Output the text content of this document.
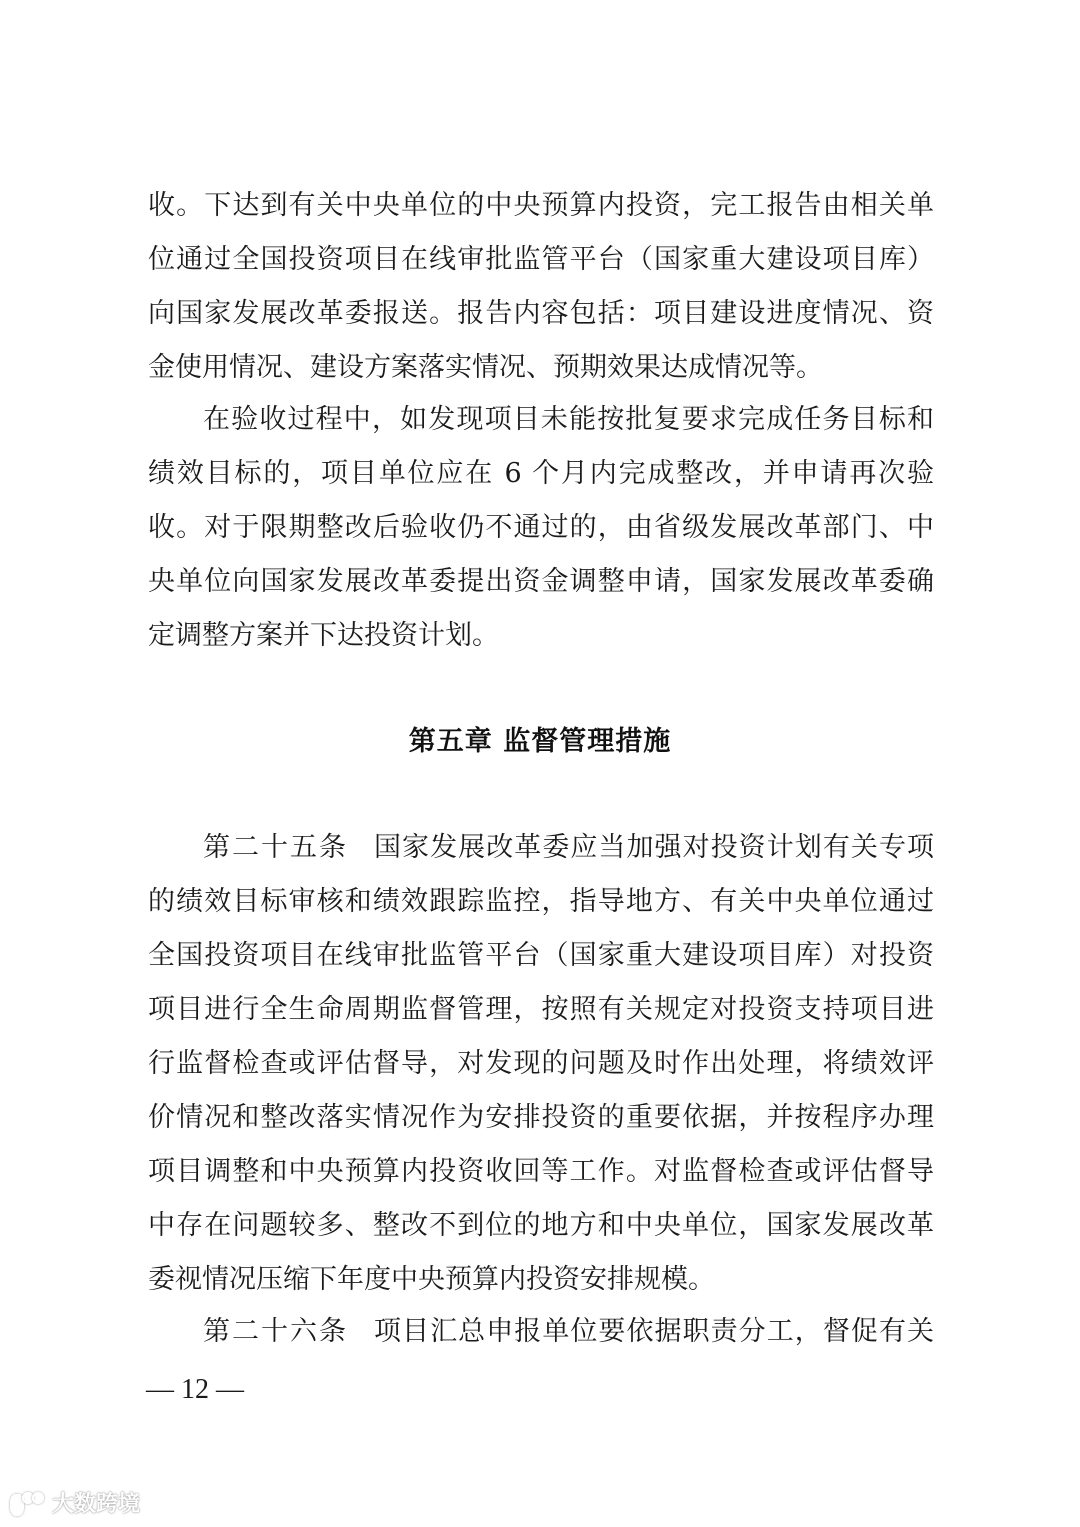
收。下达到有关中央单位的中央预算内投资，完工报告由相关单
位通过全国投资项目在线审批监管平台（国家重大建设项目库）
向国家发展改革委报送。报告内容包括：项目建设进度情况、资
金使用情况、建设方案落实情况、预期效果达成情况等。
在验收过程中，如发现项目未能按批复要求完成任务目标和
绩效目标的，项目单位应在 6 个月内完成整改，并申请再次验
收。对于限期整改后验收仍不通过的，由省级发展改革部门、中
央单位向国家发展改革委提出资金调整申请，国家发展改革委确
定调整方案并下达投资计划。
第五章 监督管理措施
第二十五条 国家发展改革委应当加强对投资计划有关专项
的绩效目标审核和绩效跟踪监控，指导地方、有关中央单位通过
全国投资项目在线审批监管平台（国家重大建设项目库）对投资
项目进行全生命周期监督管理，按照有关规定对投资支持项目进
行监督检查或评估督导，对发现的问题及时作出处理，将绩效评
价情况和整改落实情况作为安排投资的重要依据，并按程序办理
项目调整和中央预算内投资收回等工作。对监督检查或评估督导
中存在问题较多、整改不到位的地方和中央单位，国家发展改革
委视情况压缩下年度中央预算内投资安排规模。
第二十六条 项目汇总申报单位要依据职责分工，督促有关
— 12 —
大数跨境
